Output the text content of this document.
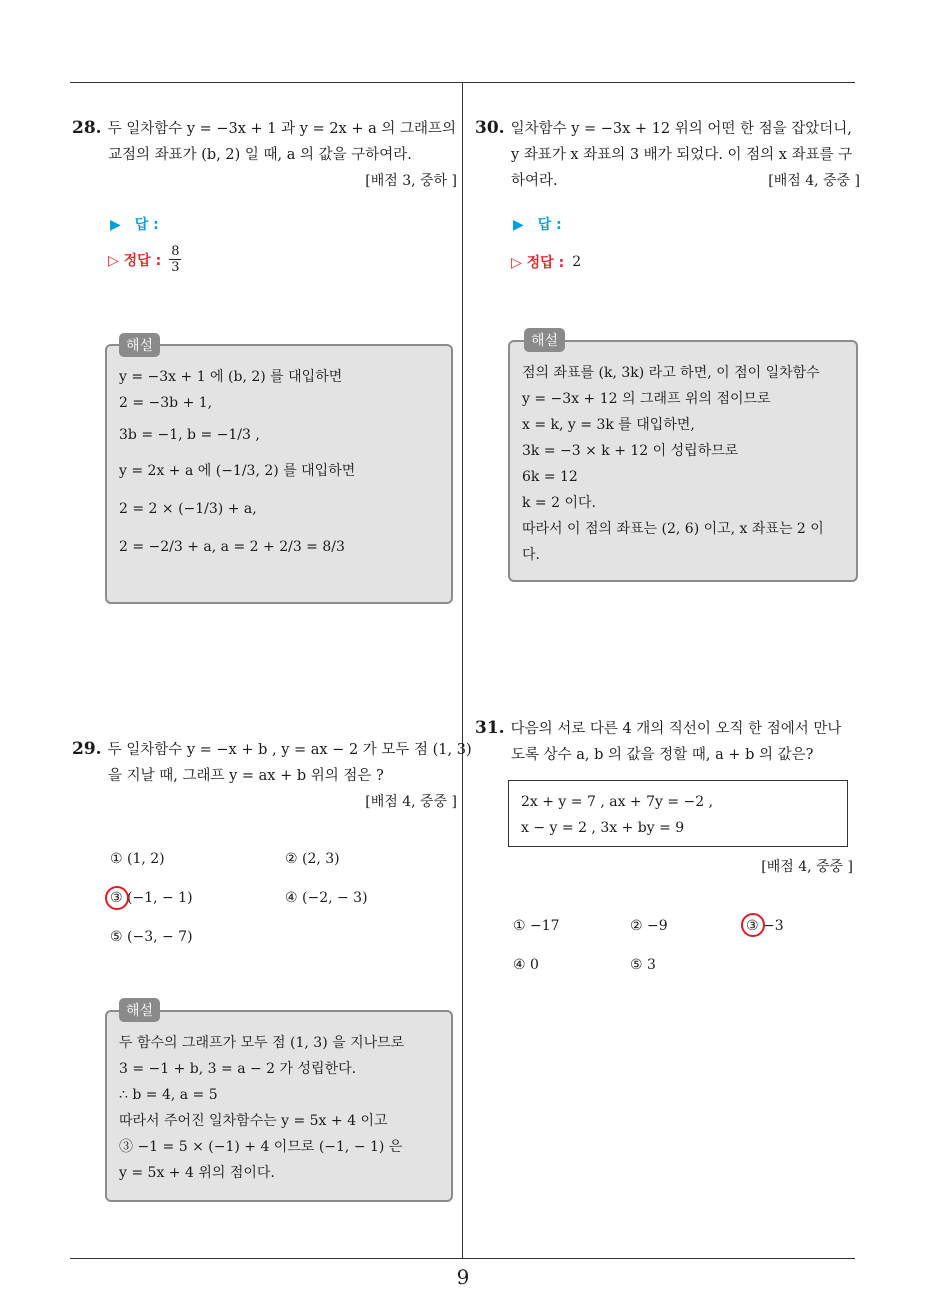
9
28. 두 일차함수 y = −3x + 1 과 y = 2x + a 의 그래프의
교점의 좌표가 (b, 2) 일 때, a 의 값을 구하여라.
[배점 3, 중하 ]
▶ 답 :
▷ 정답 : $\frac{8}{3}$
y = −3x + 1 에 (b, 2) 를 대입하면
2 = −3b + 1,
3b = −1, b = −1/3 ,
y = 2x + a 에 (−1/3, 2) 를 대입하면
2 = 2 × (−1/3) + a,
2 = −2/3 + a, a = 2 + 2/3 = 8/3
해설
29. 두 일차함수 y = −x + b , y = ax − 2 가 모두 점 (1, 3)
을 지날 때, 그래프 y = ax + b 위의 점은 ?
[배점 4, 중중 ]
① (1, 2)	② (2, 3)
③ (−1, − 1)	④ (−2, − 3)
⑤ (−3, − 7)
두 함수의 그래프가 모두 점 (1, 3) 을 지나므로
3 = −1 + b, 3 = a − 2 가 성립한다.
∴ b = 4, a = 5
따라서 주어진 일차함수는 y = 5x + 4 이고
③ −1 = 5 × (−1) + 4 이므로 (−1, − 1) 은
y = 5x + 4 위의 점이다.
해설
30. 일차함수 y = −3x + 12 위의 어떤 한 점을 잡았더니,
y 좌표가 x 좌표의 3 배가 되었다. 이 점의 x 좌표를 구
하여라.	[배점 4, 중중 ]
▶ 답 :
▷ 정답 : 2
점의 좌표를 (k, 3k) 라고 하면, 이 점이 일차함수
y = −3x + 12 의 그래프 위의 점이므로
x = k, y = 3k 를 대입하면,
3k = −3 × k + 12 이 성립하므로
6k = 12
k = 2 이다.
따라서 이 점의 좌표는 (2, 6) 이고, x 좌표는 2 이
다.
해설
31. 다음의 서로 다른 4 개의 직선이 오직 한 점에서 만나
도록 상수 a, b 의 값을 정할 때, a + b 의 값은?
2x + y = 7 , ax + 7y = −2 ,
x − y = 2 , 3x + by = 9
[배점 4, 중중 ]
① −17	② −9	③ −3
④ 0	⑤ 3
